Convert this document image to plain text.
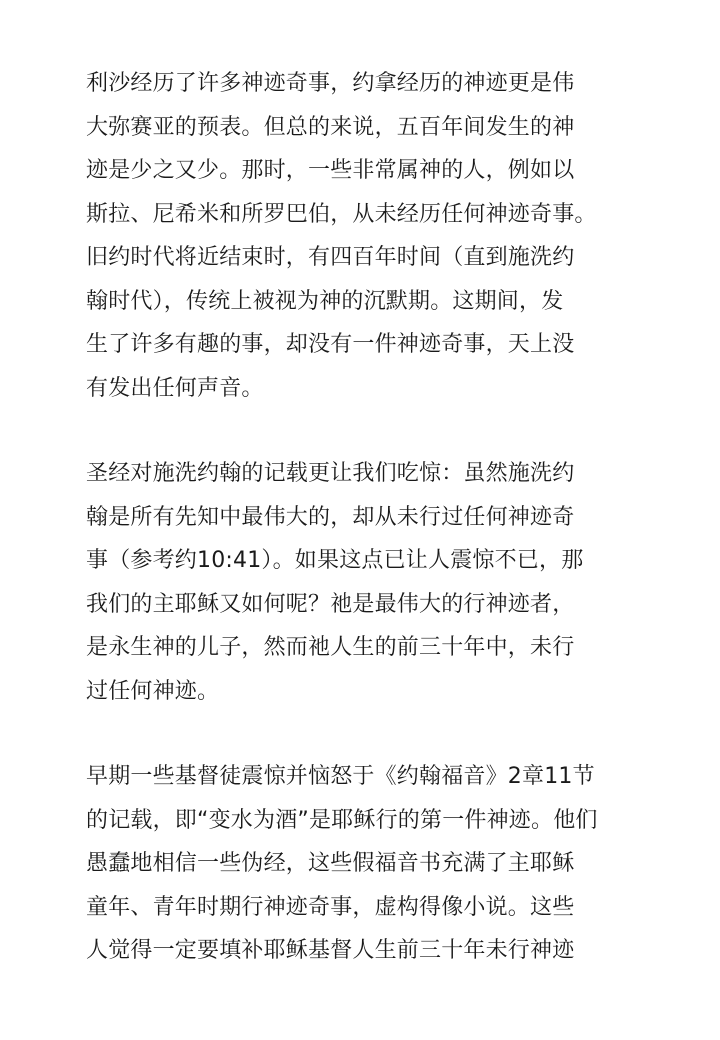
利沙经历了许多神迹奇事，约拿经历的神迹更是伟
大弥赛亚的预表。但总的来说，五百年间发生的神
迹是少之又少。那时，一些非常属神的人，例如以
斯拉、尼希米和所罗巴伯，从未经历任何神迹奇事。
旧约时代将近结束时，有四百年时间（直到施洗约
翰时代），传统上被视为神的沉默期。这期间，发
生了许多有趣的事，却没有一件神迹奇事，天上没
有发出任何声音。
圣经对施洗约翰的记载更让我们吃惊：虽然施洗约
翰是所有先知中最伟大的，却从未行过任何神迹奇
事（参考约10:41）。如果这点已让人震惊不已，那
我们的主耶稣又如何呢？祂是最伟大的行神迹者，
是永生神的儿子，然而祂人生的前三十年中，未行
过任何神迹。
早期一些基督徒震惊并恼怒于《约翰福音》2章11节
的记载，即“变水为酒”是耶稣行的第一件神迹。他们
愚蠢地相信一些伪经，这些假福音书充满了主耶稣
童年、青年时期行神迹奇事，虚构得像小说。这些
人觉得一定要填补耶稣基督人生前三十年未行神迹
